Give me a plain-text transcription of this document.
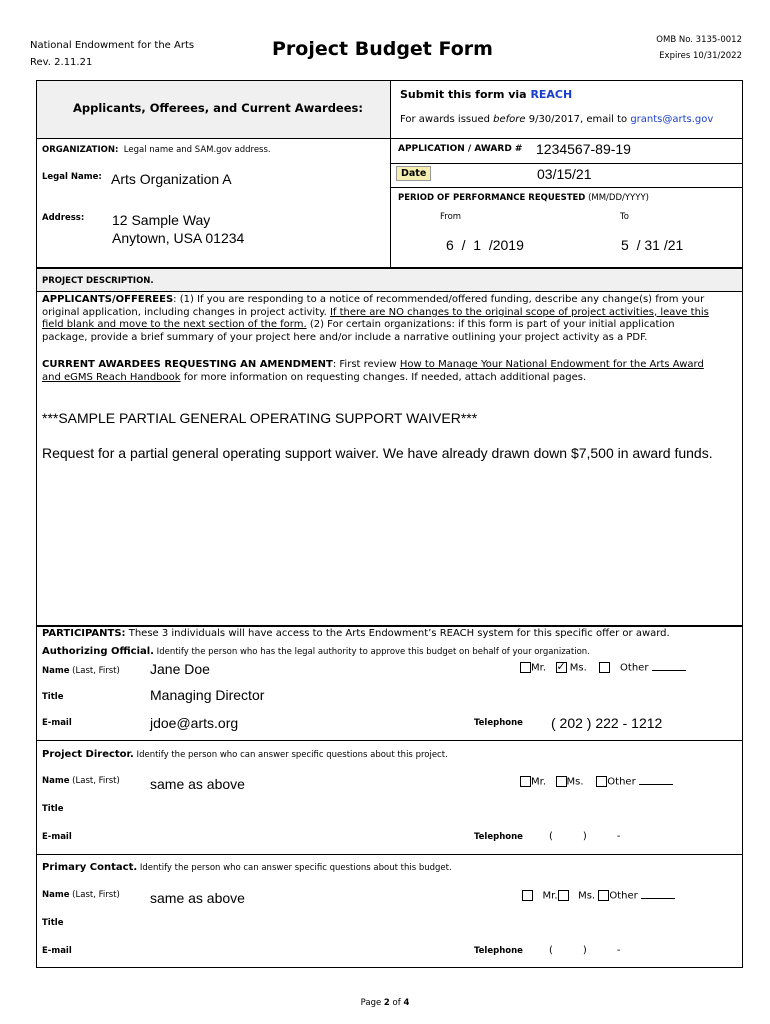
National Endowment for the Arts
Rev. 2.11.21
Project Budget Form	OMB No. 3135-0012
Expires 10/31/2022
Applicants, Offerees, and Current Awardees:
Submit this form via REACH
For awards issued before 9/30/2017, email to grants@arts.gov
ORGANIZATION: Legal name and SAM.gov address.
Legal Name: Arts Organization A
Address: 12 Sample Way
Anytown, USA 01234
APPLICATION / AWARD # 1234567-89-19
Date	03/15/21
PERIOD OF PERFORMANCE REQUESTED (MM/DD/YYYY)
From	To
6 / 1 /2019	5 / 31 /21
PROJECT DESCRIPTION.
APPLICANTS/OFFEREES: (1) If you are responding to a notice of recommended/offered funding, describe any change(s) from your
original application, including changes in project activity. If there are NO changes to the original scope of project activities, leave this
field blank and move to the next section of the form. (2) For certain organizations: if this form is part of your initial application
package, provide a brief summary of your project here and/or include a narrative outlining your project activity as a PDF.
CURRENT AWARDEES REQUESTING AN AMENDMENT: First review How to Manage Your National Endowment for the Arts Award
and eGMS Reach Handbook for more information on requesting changes. If needed, attach additional pages.
***SAMPLE PARTIAL GENERAL OPERATING SUPPORT WAIVER***
Request for a partial general operating support waiver. We have already drawn down $7,500 in award funds.
PARTICIPANTS: These 3 individuals will have access to the Arts Endowment’s REACH system for this specific offer or award.
Authorizing Official. Identify the person who has the legal authority to approve this budget on behalf of your organization.
Name (Last, First) Jane Doe	Mr.   ✓ Ms.	Other
Title	Managing Director
E-mail	jdoe@arts.org	Telephone ( 202 ) 222 - 1212
Project Director. Identify the person who can answer specific questions about this project.
Name (Last, First) same as above	Mr. Ms. Other
Title
E-mail	Telephone	(	)	-
Primary Contact. Identify the person who can answer specific questions about this budget.
Name (Last, First) same as above	Mr. Ms. Other
Title
E-mail	Telephone	(	)	-
Page 2 of 4
